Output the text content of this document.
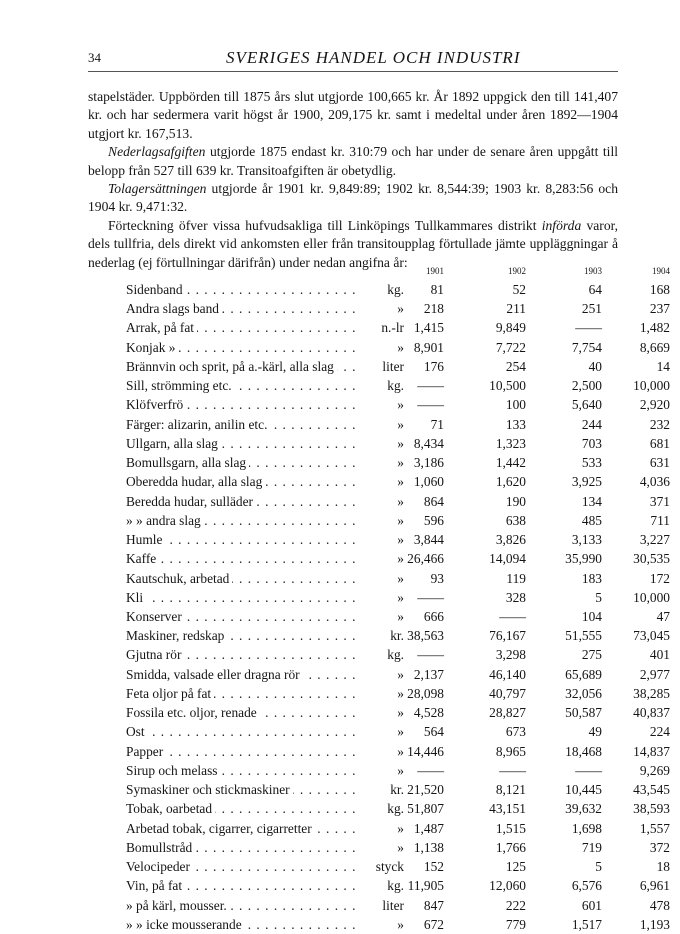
34	SVERIGES HANDEL OCH INDUSTRI

stapelstäder. Uppbörden till 1875 års slut utgjorde 100,665 kr. År 1892 uppgick den till 141,407 kr. och har sedermera varit högst år 1900, 209,175 kr. samt i medeltal under åren 1892—1904 utgjort kr. 167,513.

Nederlagsafgiften utgjorde 1875 endast kr. 310:79 och har under de senare åren uppgått till belopp från 527 till 639 kr. Transitoafgiften är obetydlig.

Tolagersättningen utgjorde år 1901 kr. 9,849:89; 1902 kr. 8,544:39; 1903 kr. 8,283:56 och 1904 kr. 9,471:32.

Förteckning öfver vissa hufvudsakliga till Linköpings Tullkammares distrikt införda varor, dels tullfria, dels direkt vid ankomsten eller från transitoupplag förtullade jämte uppläggningar å nederlag (ej förtullningar därifrån) under nedan angifna år:

1901	1902	1903	1904
Sidenband . . .	kg.	81	52	64	168
Andra slags band . . .	»	218	211	251	237
Arrak, på fat . . .	n.-lr 1,415	9,849	——	1,482
Konjak » . . .	» 8,901	7,722	7,754	8,669
Brännvin och sprit, på a.-kärl, alla slag . . .	liter	176	254	40	14
Sill, strömming etc. . . .	kg. ——	10,500	2,500	10,000
Klöfverfrö . . .	» ——	100	5,640	2,920
Färger: alizarin, anilin etc. . . .	»	71	133	244	232
Ullgarn, alla slag . . .	» 8,434	1,323	703	681
Bomullsgarn, alla slag . . .	» 3,186	1,442	533	631
Oberedda hudar, alla slag . . .	» 1,060	1,620	3,925	4,036
Beredda hudar, sulläder . . .	»	864	190	134	371
» » andra slag . . .	»	596	638	485	711
Humle . . .	» 3,844	3,826	3,133	3,227
Kaffe . . .	» 26,466	14,094	35,990	30,535
Kautschuk, arbetad . . .	»	93	119	183	172
Kli . . .	» ——	328	5	10,000
Konserver . . .	»	666	——	104	47
Maskiner, redskap . . .	kr. 38,563	76,167	51,555	73,045
Gjutna rör . . .	kg. ——	3,298	275	401
Smidda, valsade eller dragna rör . . .	» 2,137	46,140	65,689	2,977
Feta oljor på fat . . .	» 28,098	40,797	32,056	38,285
Fossila etc. oljor, renade . . .	» 4,528	28,827	50,587	40,837
Ost . . .	»	564	673	49	224
Papper . . .	» 14,446	8,965	18,468	14,837
Sirup och melass . . .	» ——	——	——	9,269
Symaskiner och stickmaskiner . . .	kr. 21,520	8,121	10,445	43,545
Tobak, oarbetad . . .	kg. 51,807	43,151	39,632	38,593
Arbetad tobak, cigarrer, cigarretter . . .	» 1,487	1,515	1,698	1,557
Bomullstråd . . .	» 1,138	1,766	719	372
Velocipeder . . .	styck	152	125	5	18
Vin, på fat . . .	kg. 11,905	12,060	6,576	6,961
» på kärl, mousser. . . .	liter	847	222	601	478
» » icke mousserande . . .	»	672	779	1,517	1,193
